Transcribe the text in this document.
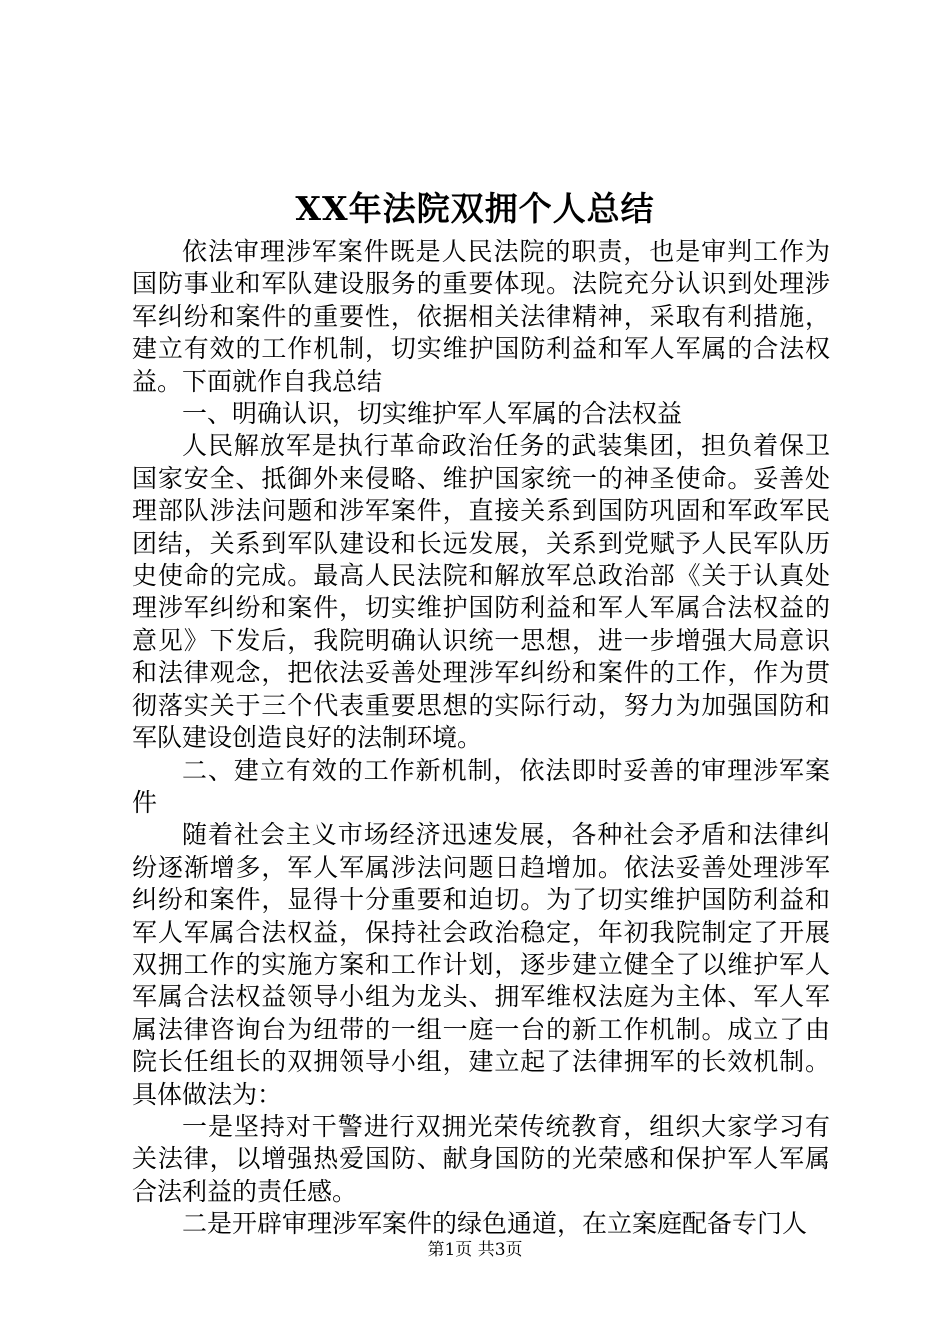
XX年法院双拥个人总结

依法审理涉军案件既是人民法院的职责，也是审判工作为国防事业和军队建设服务的重要体现。法院充分认识到处理涉军纠纷和案件的重要性，依据相关法律精神，采取有利措施，建立有效的工作机制，切实维护国防利益和军人军属的合法权益。下面就作自我总结

一、明确认识，切实维护军人军属的合法权益

人民解放军是执行革命政治任务的武装集团，担负着保卫国家安全、抵御外来侵略、维护国家统一的神圣使命。妥善处理部队涉法问题和涉军案件，直接关系到国防巩固和军政军民团结，关系到军队建设和长远发展，关系到党赋予人民军队历史使命的完成。最高人民法院和解放军总政治部《关于认真处理涉军纠纷和案件，切实维护国防利益和军人军属合法权益的意见》下发后，我院明确认识统一思想，进一步增强大局意识和法律观念，把依法妥善处理涉军纠纷和案件的工作，作为贯彻落实关于三个代表重要思想的实际行动，努力为加强国防和军队建设创造良好的法制环境。

二、建立有效的工作新机制，依法即时妥善的审理涉军案件

随着社会主义市场经济迅速发展，各种社会矛盾和法律纠纷逐渐增多，军人军属涉法问题日趋增加。依法妥善处理涉军纠纷和案件，显得十分重要和迫切。为了切实维护国防利益和军人军属合法权益，保持社会政治稳定，年初我院制定了开展双拥工作的实施方案和工作计划，逐步建立健全了以维护军人军属合法权益领导小组为龙头、拥军维权法庭为主体、军人军属法律咨询台为纽带的一组一庭一台的新工作机制。成立了由院长任组长的双拥领导小组，建立起了法律拥军的长效机制。具体做法为：

一是坚持对干警进行双拥光荣传统教育，组织大家学习有关法律，以增强热爱国防、献身国防的光荣感和保护军人军属合法利益的责任感。

二是开辟审理涉军案件的绿色通道，在立案庭配备专门人

第1页 共3页
